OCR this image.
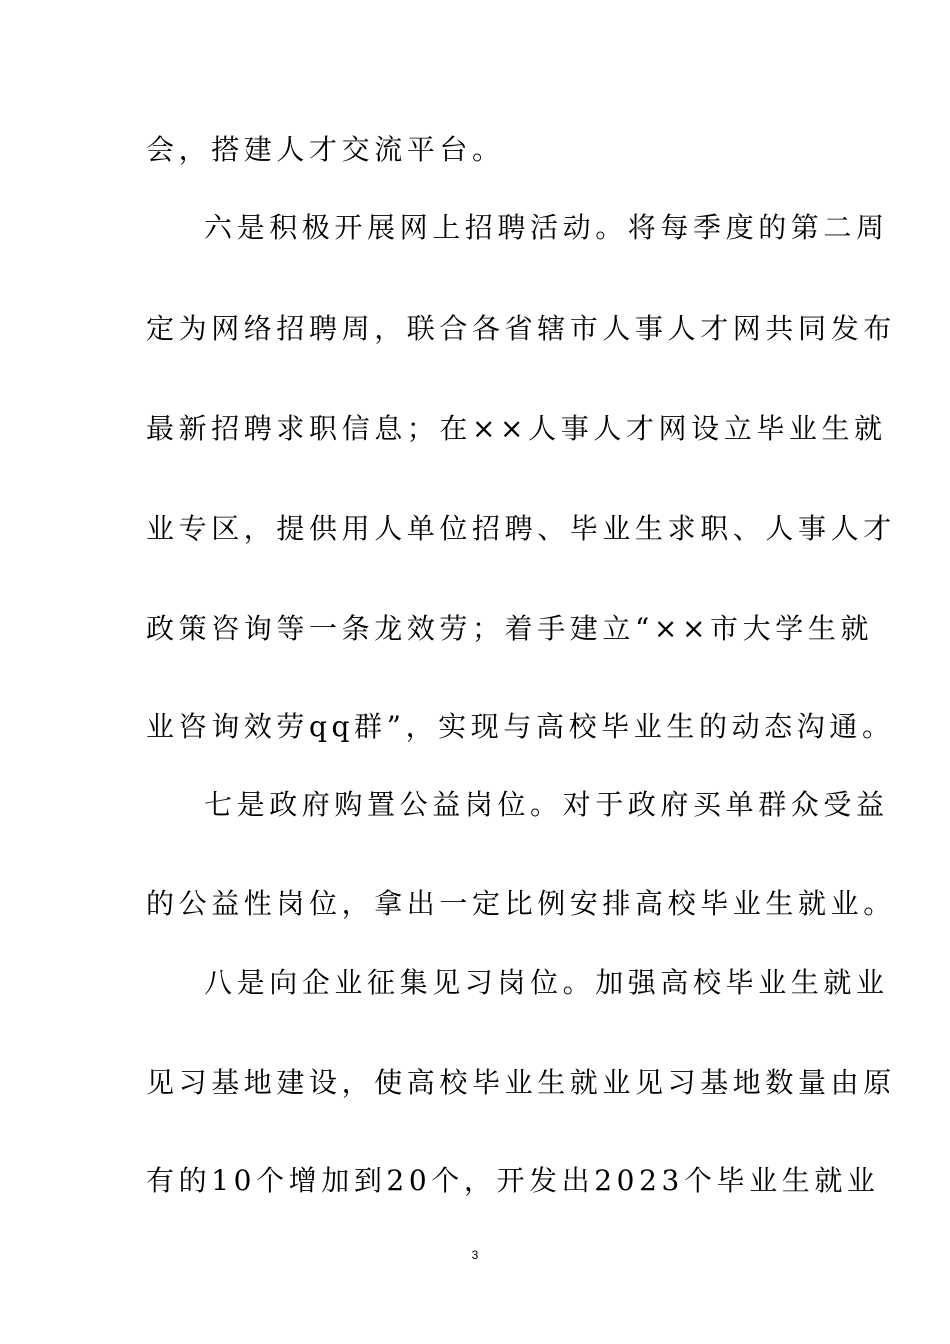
会，搭建人才交流平台。
六是积极开展网上招聘活动。将每季度的第二周
定为网络招聘周，联合各省辖市人事人才网共同发布
最新招聘求职信息；在××人事人才网设立毕业生就
业专区，提供用人单位招聘、毕业生求职、人事人才
政策咨询等一条龙效劳；着手建立“××市大学生就
业咨询效劳qq群”，实现与高校毕业生的动态沟通。
七是政府购置公益岗位。对于政府买单群众受益
的公益性岗位，拿出一定比例安排高校毕业生就业。
八是向企业征集见习岗位。加强高校毕业生就业
见习基地建设，使高校毕业生就业见习基地数量由原
有的10个增加到20个，开发出2023个毕业生就业
3
